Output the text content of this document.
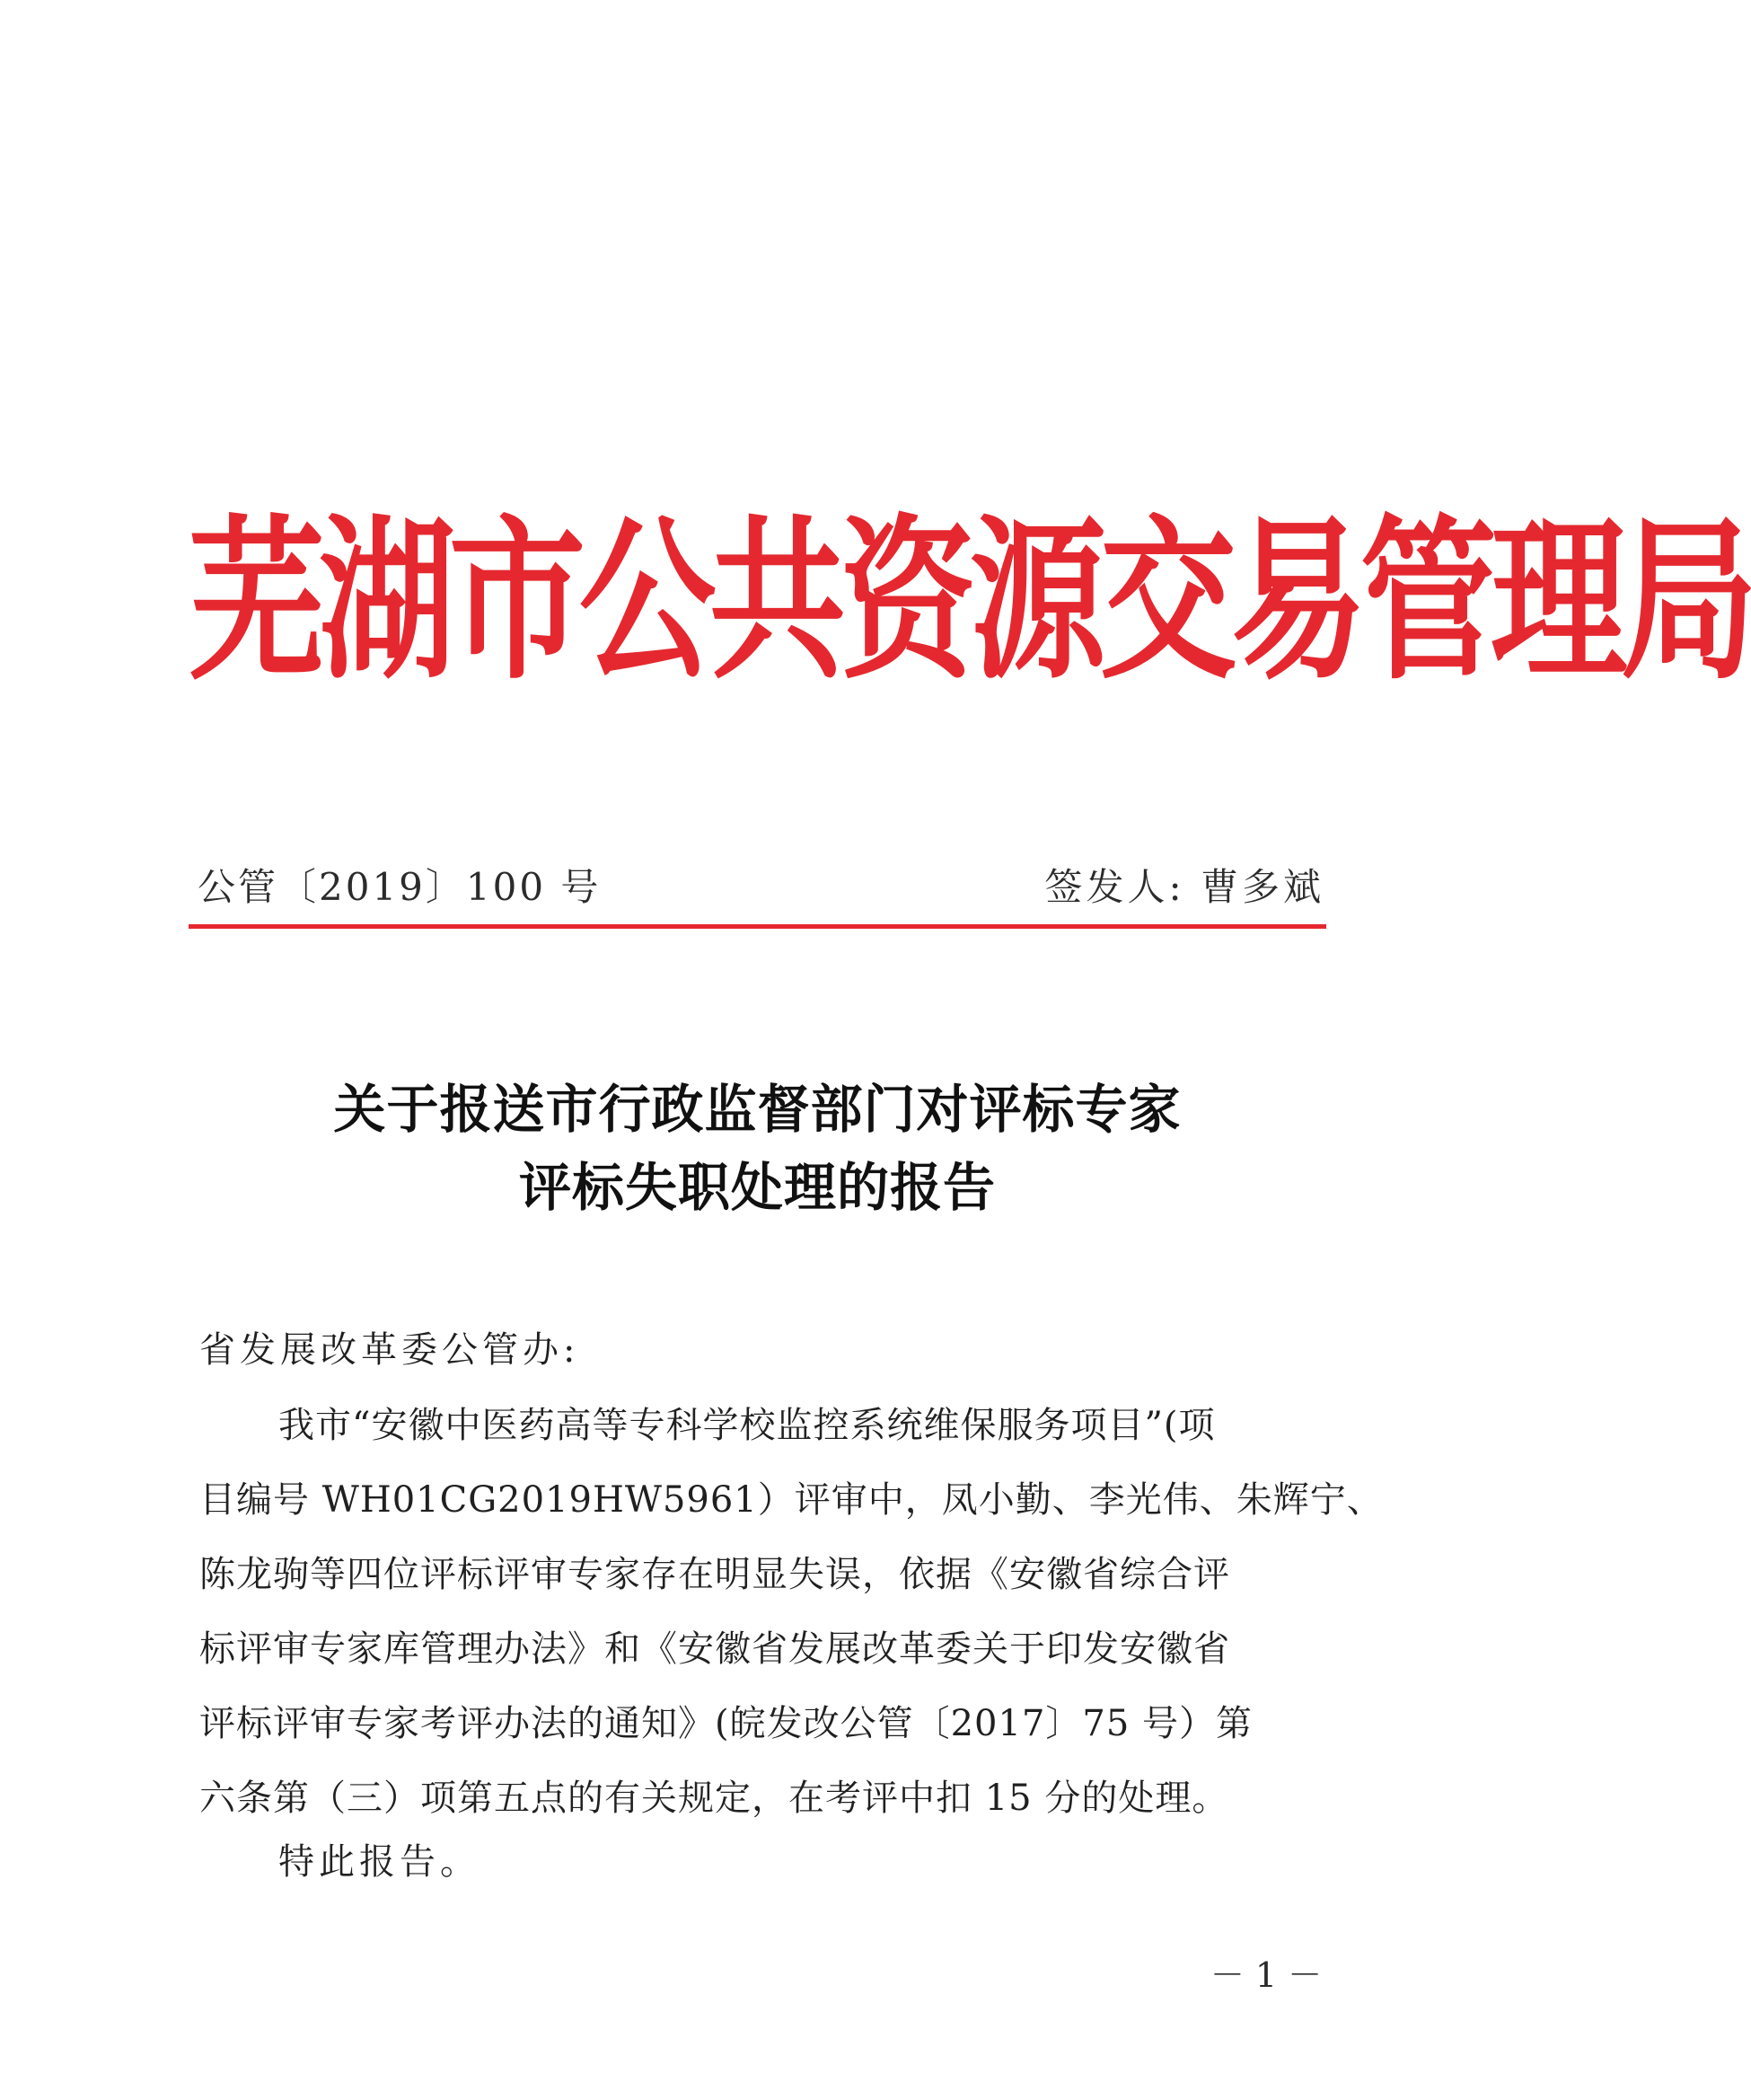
芜湖市公共资源交易管理局
公管〔2019〕100 号	签发人: 曹多斌
关于报送市行政监督部门对评标专家
评标失职处理的报告
省发展改革委公管办:
我市“安徽中医药高等专科学校监控系统维保服务项目”(项
目编号 WH01CG2019HW5961）评审中，凤小勤、李光伟、朱辉宁、
陈龙驹等四位评标评审专家存在明显失误，依据《安徽省综合评
标评审专家库管理办法》和《安徽省发展改革委关于印发安徽省
评标评审专家考评办法的通知》(皖发改公管〔2017〕75 号）第
六条第（三）项第五点的有关规定，在考评中扣 15 分的处理。
特此报告。
－ 1 －
